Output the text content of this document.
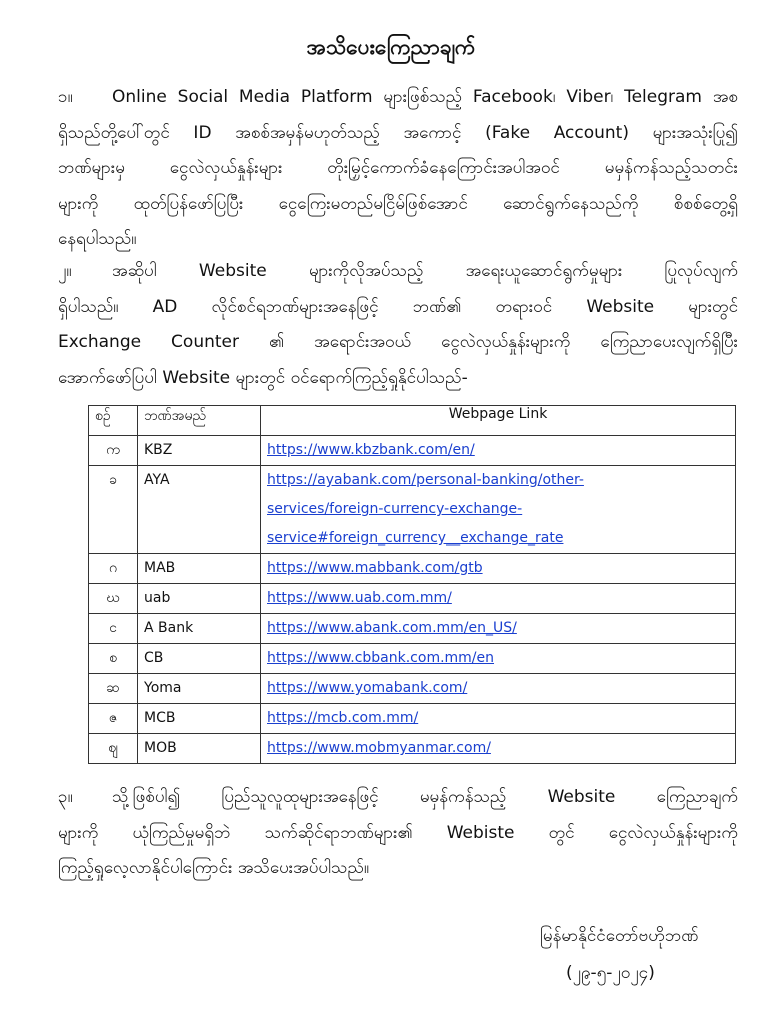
အသိပေးကြေညာချက်
၁။ Online Social Media Platform များဖြစ်သည့် Facebook၊ Viber၊ Telegram အစ
ရှိသည်တို့ပေါ်တွင် ID အစစ်အမှန်မဟုတ်သည့် အကောင့် (Fake Account) များအသုံးပြု၍
ဘဏ်များမှ ငွေလဲလှယ်နှုန်းများ တိုးမြှင့်ကောက်ခံနေကြောင်းအပါအဝင် မမှန်ကန်သည့်သတင်း
များကို ထုတ်ပြန်ဖော်ပြပြီး ငွေကြေးမတည်မငြိမ်ဖြစ်အောင် ဆောင်ရွက်နေသည်ကို စိစစ်တွေ့ရှိ
နေရပါသည်။
၂။ အဆိုပါ Website များကိုလိုအပ်သည့် အရေးယူဆောင်ရွက်မှုများ ပြုလုပ်လျက်
ရှိပါသည်။ AD လိုင်စင်ရဘဏ်များအနေဖြင့် ဘဏ်၏ တရားဝင် Website များတွင်
Exchange Counter ၏ အရောင်းအဝယ် ငွေလဲလှယ်နှုန်းများကို ကြေညာပေးလျက်ရှိပြီး
အောက်ဖော်ပြပါ Website များတွင် ဝင်ရောက်ကြည့်ရှုနိုင်ပါသည်-
စဉ်	ဘဏ်အမည်	Webpage Link
က	KBZ	https://www.kbzbank.com/en/

ခ	AYA	https://ayabank.com/personal-banking/other-
services/foreign-currency-exchange-
service#foreign_currency__exchange_rate

ဂ	MAB	https://www.mabbank.com/gtb

ဃ	uab	https://www.uab.com.mm/

င	A Bank	https://www.abank.com.mm/en_US/

စ	CB	https://www.cbbank.com.mm/en

ဆ	Yoma	https://www.yomabank.com/

ဇ	MCB	https://mcb.com.mm/

ဈ	MOB	https://www.mobmyanmar.com/
၃။ သို့ဖြစ်ပါ၍ ပြည်သူလူထုများအနေဖြင့် မမှန်ကန်သည့် Website ကြေညာချက်
များကို ယုံကြည်မှုမရှိဘဲ သက်ဆိုင်ရာဘဏ်များ၏ Webiste တွင် ငွေလဲလှယ်နှုန်းများကို
ကြည့်ရှုလေ့လာနိုင်ပါကြောင်း အသိပေးအပ်ပါသည်။
မြန်မာနိုင်ငံတော်ဗဟိုဘဏ်
(၂၉-၅-၂၀၂၄)
